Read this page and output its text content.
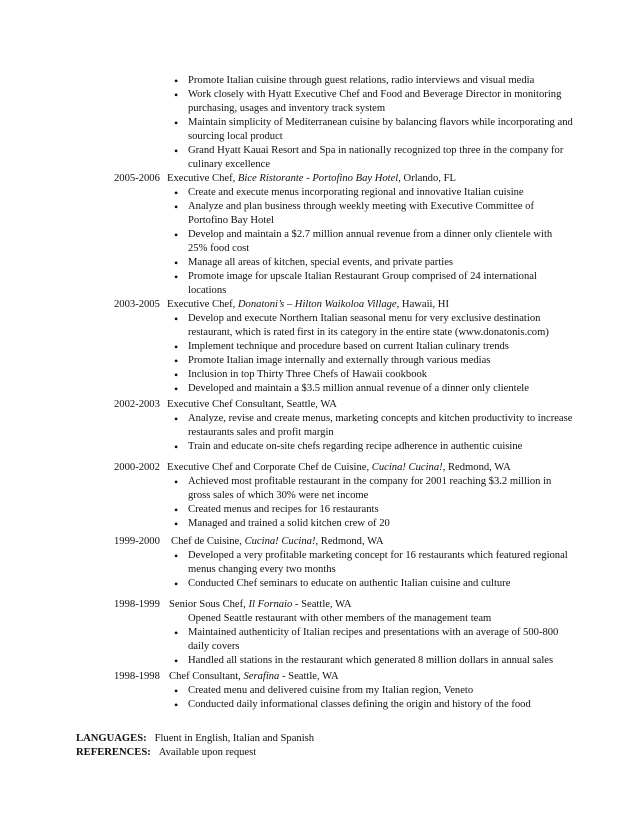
• Promote Italian cuisine through guest relations, radio interviews and visual media
• Work closely with Hyatt Executive Chef and Food and Beverage Director in monitoring purchasing, usages and inventory track system
• Maintain simplicity of Mediterranean cuisine by balancing flavors while incorporating and sourcing local product
• Grand Hyatt Kauai Resort and Spa in nationally recognized top three in the company for culinary excellence
2005-2006 Executive Chef, Bice Ristorante - Portofino Bay Hotel, Orlando, FL
• Create and execute menus incorporating regional and innovative Italian cuisine
• Analyze and plan business through weekly meeting with Executive Committee of Portofino Bay Hotel
• Develop and maintain a $2.7 million annual revenue from a dinner only clientele with 25% food cost
• Manage all areas of kitchen, special events, and private parties
• Promote image for upscale Italian Restaurant Group comprised of 24 international locations
2003-2005 Executive Chef, Donatoni’s – Hilton Waikoloa Village, Hawaii, HI
• Develop and execute Northern Italian seasonal menu for very exclusive destination restaurant, which is rated first in its category in the entire state (www.donatonis.com)
• Implement technique and procedure based on current Italian culinary trends
• Promote Italian image internally and externally through various medias
• Inclusion in top Thirty Three Chefs of Hawaii cookbook
• Developed and maintain a $3.5 million annual revenue of a dinner only clientele
2002-2003 Executive Chef Consultant, Seattle, WA
• Analyze, revise and create menus, marketing concepts and kitchen productivity to increase restaurants sales and profit margin
• Train and educate on-site chefs regarding recipe adherence in authentic cuisine
2000-2002 Executive Chef and Corporate Chef de Cuisine, Cucina! Cucina!, Redmond, WA
• Achieved most profitable restaurant in the company for 2001 reaching $3.2 million in gross sales of which 30% were net income
• Created menus and recipes for 16 restaurants
• Managed and trained a solid kitchen crew of 20
1999-2000 Chef de Cuisine, Cucina! Cucina!, Redmond, WA
• Developed a very profitable marketing concept for 16 restaurants which featured regional menus changing every two months
• Conducted Chef seminars to educate on authentic Italian cuisine and culture
1998-1999 Senior Sous Chef, Il Fornaio - Seattle, WA
Opened Seattle restaurant with other members of the management team
• Maintained authenticity of Italian recipes and presentations with an average of 500-800 daily covers
• Handled all stations in the restaurant which generated 8 million dollars in annual sales
1998-1998 Chef Consultant, Serafina - Seattle, WA
• Created menu and delivered cuisine from my Italian region, Veneto
• Conducted daily informational classes defining the origin and history of the food
LANGUAGES: Fluent in English, Italian and Spanish
REFERENCES: Available upon request
